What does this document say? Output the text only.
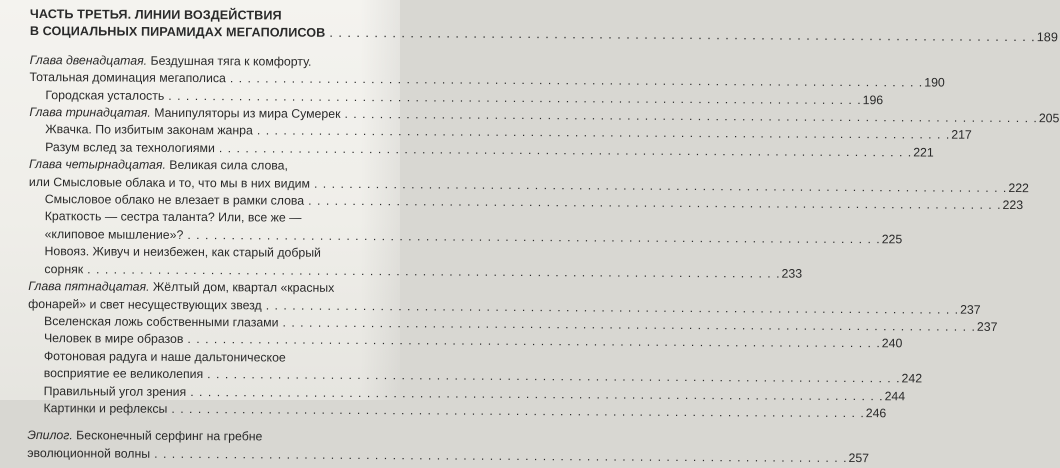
ЧАСТЬ ТРЕТЬЯ. ЛИНИИ ВОЗДЕЙСТВИЯ
В СОЦИАЛЬНЫХ ПИРАМИДАХ МЕГАПОЛИСОВ . . .	189
Глава двенадцатая. Бездушная тяга к комфорту.
Тотальная доминация мегаполиса . . .	190
Городская усталость . . .	196
Глава тринадцатая. Манипуляторы из мира Сумерек . . .	205
Жвачка. По избитым законам жанра . . .	217
Разум вслед за технологиями . . .	221
Глава четырнадцатая. Великая сила слова,
или Смысловые облака и то, что мы в них видим . . .	222
Смысловое облако не влезает в рамки слова . . .	223
Краткость — сестра таланта? Или, все же —
«клиповое мышление»? . . .	225
Новояз. Живуч и неизбежен, как старый добрый
сорняк . . .	233
Глава пятнадцатая. Жёлтый дом, квартал «красных
фонарей» и свет несуществующих звезд . . .	237
Вселенская ложь собственными глазами . . .	237
Человек в мире образов . . .	240
Фотоновая радуга и наше дальтоническое
восприятие ее великолепия . . .	242
Правильный угол зрения . . .	244
Картинки и рефлексы . . .	246
Эпилог. Бесконечный серфинг на гребне
эволюционной волны . . .	257
